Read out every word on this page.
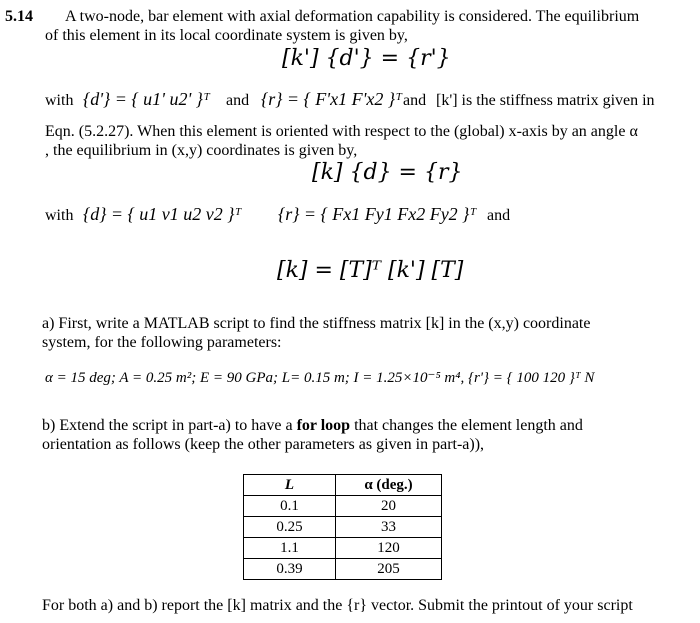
5.14 A two-node, bar element with axial deformation capability is considered. The equilibrium
of this element in its local coordinate system is given by,
[k'] {d'} = {r'}
with {d'} = { u1' u2' }ᵀ and {r} = { F'x1 F'x2 }ᵀ and [k'] is the stiffness matrix given in
Eqn. (5.2.27). When this element is oriented with respect to the (global) x-axis by an angle α
, the equilibrium in (x,y) coordinates is given by,
[k] {d} = {r}
with {d} = { u1 v1 u2 v2 }ᵀ {r} = { Fx1 Fy1 Fx2 Fy2 }ᵀ and
[k] = [T]ᵀ [k'] [T]
a) First, write a MATLAB script to find the stiffness matrix [k] in the (x,y) coordinate
system, for the following parameters:
α = 15 deg; A = 0.25 m²; E = 90 GPa; L= 0.15 m; I = 1.25×10⁻⁵ m⁴, {r'} = { 100 120 }ᵀ N
b) Extend the script in part-a) to have a for loop that changes the element length and
orientation as follows (keep the other parameters as given in part-a)),
L	α (deg.)
0.1	20
0.25	33
1.1	120
0.39	205
For both a) and b) report the [k] matrix and the {r} vector. Submit the printout of your script
